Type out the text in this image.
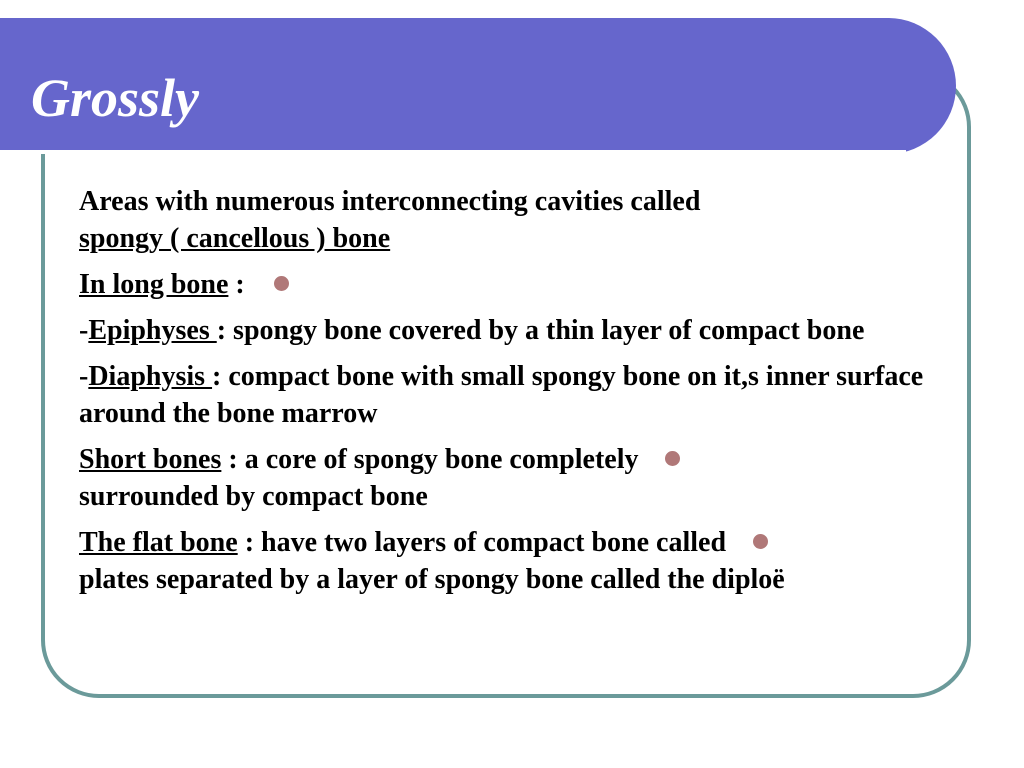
Grossly

Areas with numerous interconnecting cavities called
spongy ( cancellous ) bone

In long bone :

-Epiphyses : spongy bone covered by a thin layer of compact bone

-Diaphysis : compact bone with small spongy bone on it,s inner surface around the bone marrow

Short bones : a core of spongy bone completely
surrounded by compact bone

The flat bone : have two layers of compact bone called
plates separated by a layer of spongy bone called the diploë
